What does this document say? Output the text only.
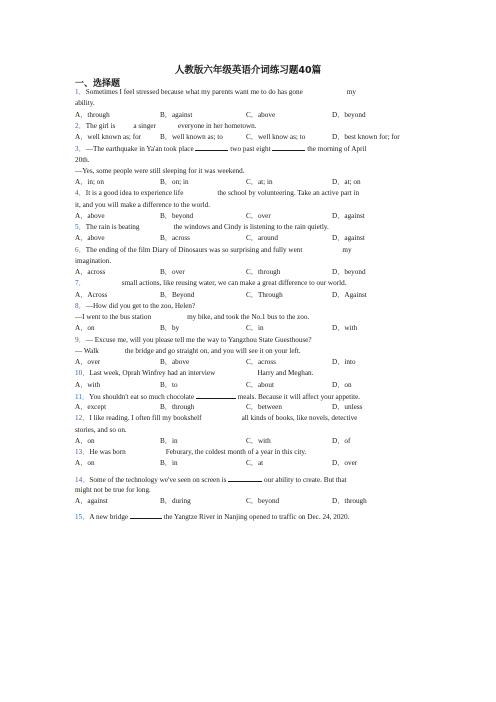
人教版六年级英语介词练习题40篇
一、选择题
1．Sometimes I feel stressed because what my parents want me to do has gone	my
ability.
A．through	B．against	C．above	D．beyond
2．The girl is	a singer	everyone in her hometown.
A．well known as; for	B．well known as; to	C．well know as; to	D．best known for; for
3．—The earthquake in Ya'an took place	two past eight	the morning of April
20th.
—Yes, some people were still sleeping for it was weekend.
A．in; on	B．on; in	C．at; in	D．at; on
4．It is a good idea to experience life	the school by volunteering. Take an active part in
it, and you will make a difference to the world.
A．above	B．beyond	C．over	D．against
5．The rain is beating	the windows and Cindy is listening to the rain quietly.
A．above	B．across	C．around	D．against
6．The ending of the film Diary of Dinosaurs was so surprising and fully went	my
imagination.
A．across	B．over	C．through	D．beyond
7．	small actions, like reusing water, we can make a great difference to our world.
A．Across	B．Beyond	C．Through	D．Against
8．—How did you get to the zoo, Helen?
—I went to the bus station	my bike, and took the No.1 bus to the zoo.
A．on	B．by	C．in	D．with
9．— Excuse me, will you please tell me the way to Yangzhou State Guesthouse?
— Walk	the bridge and go straight on, and you will see it on your left.
A．over	B．above	C．across	D．into
10．Last week, Oprah Winfrey had an interview	Harry and Meghan.
A．with	B．to	C．about	D．on
11．You shouldn't eat so much chocolate	meals. Because it will affect your appetite.
A．except	B．through	C．between	D．unless
12．I like reading. I often fill my bookshelf	all kinds of books, like novels, detective
stories, and so on.
A．on	B．in	C．with	D．of
13．He was born	Feburary, the coldest month of a year in this city.
A．on	B．in	C．at	D．over
14．Some of the technology we've seen on screen is	our ability to create. But that
might not be true for long.
A．against	B．during	C．beyond	D．through
15．A new bridge	the Yangtze River in Nanjing opened to traffic on Dec. 24, 2020.
